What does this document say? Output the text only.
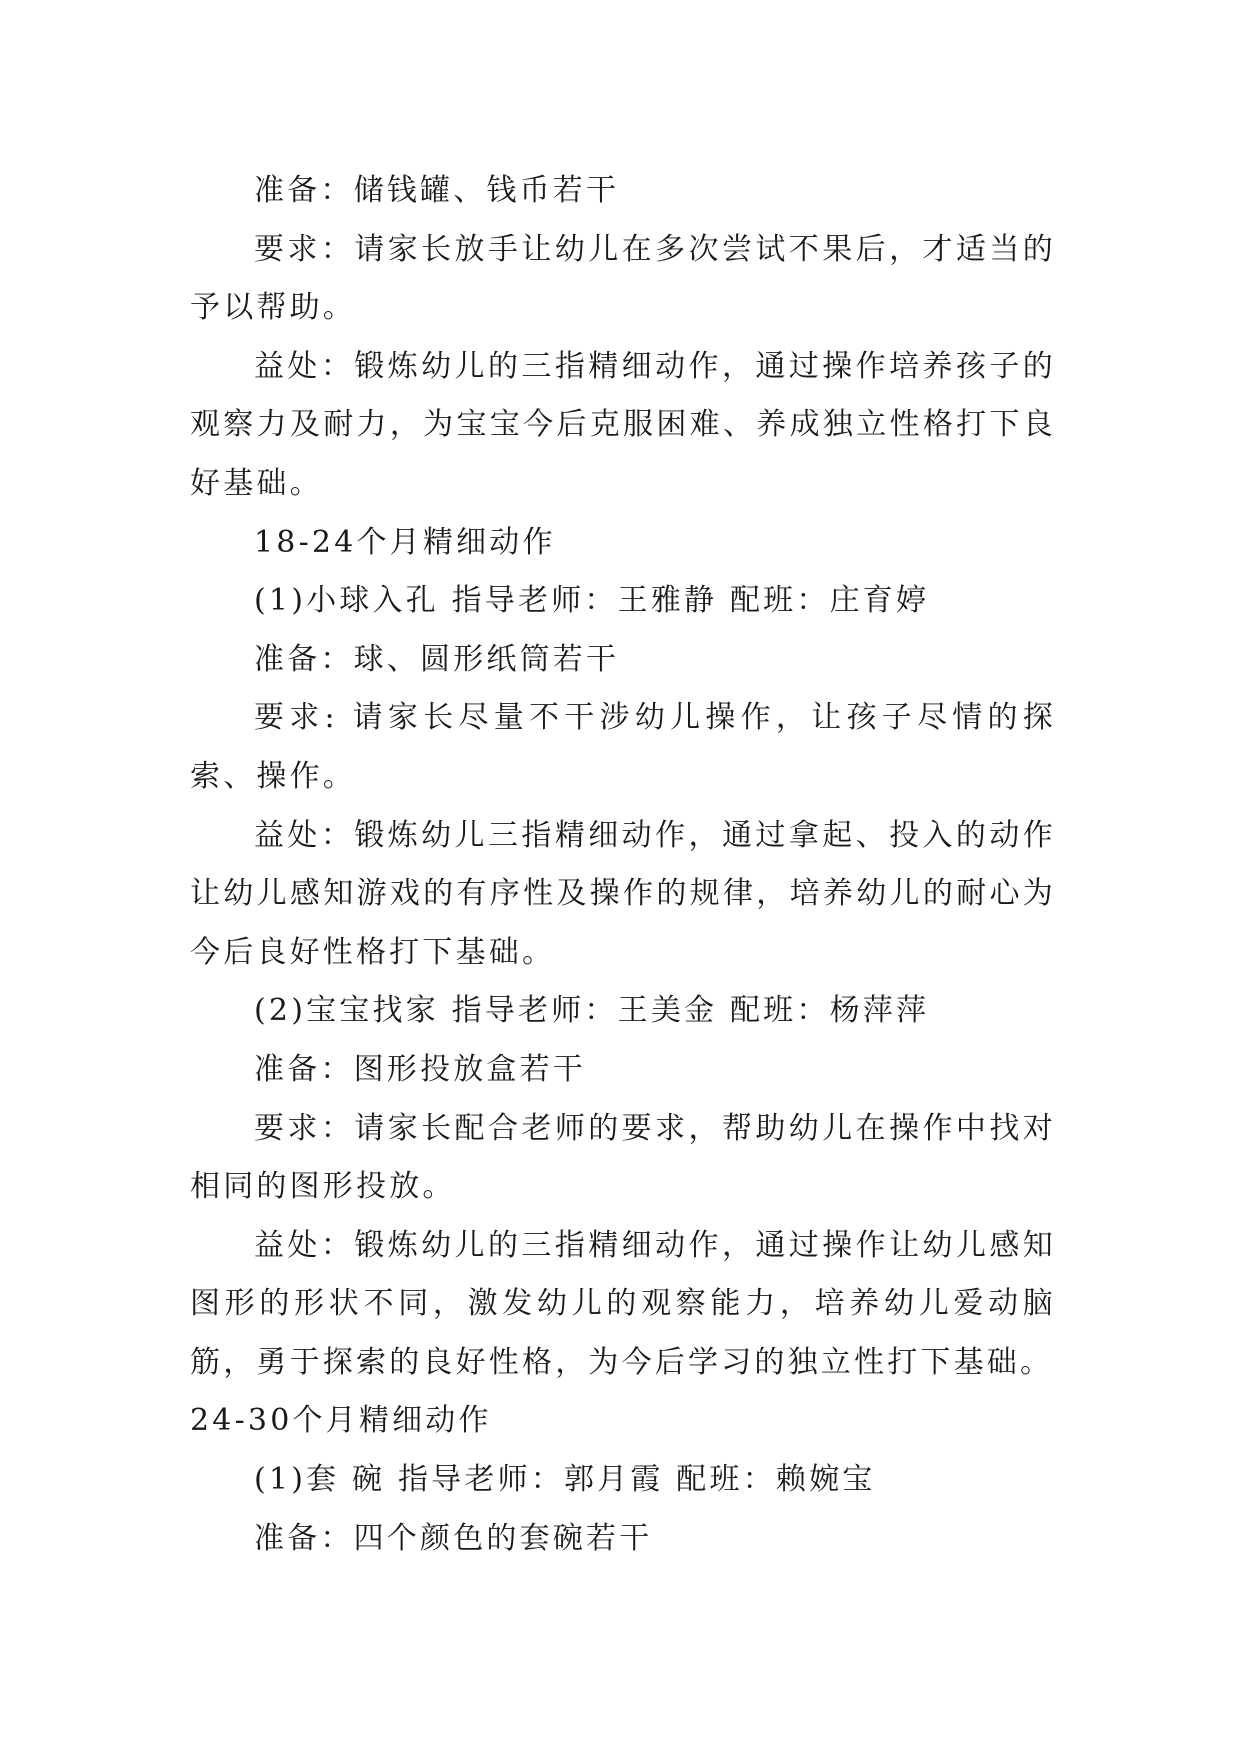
准备：储钱罐、钱币若干

要求：请家长放手让幼儿在多次尝试不果后，才适当的予以帮助。

益处：锻炼幼儿的三指精细动作，通过操作培养孩子的观察力及耐力，为宝宝今后克服困难、养成独立性格打下良好基础。

18-24个月精细动作

(1)小球入孔 指导老师：王雅静 配班：庄育婷

准备：球、圆形纸筒若干

要求: 请家长尽量不干涉幼儿操作，让孩子尽情的探索、操作。

益处：锻炼幼儿三指精细动作，通过拿起、投入的动作让幼儿感知游戏的有序性及操作的规律，培养幼儿的耐心为今后良好性格打下基础。

(2)宝宝找家 指导老师：王美金 配班：杨萍萍

准备：图形投放盒若干

要求：请家长配合老师的要求，帮助幼儿在操作中找对相同的图形投放。

益处：锻炼幼儿的三指精细动作，通过操作让幼儿感知图形的形状不同，激发幼儿的观察能力，培养幼儿爱动脑筋，勇于探索的良好性格，为今后学习的独立性打下基础。

24-30个月精细动作

(1)套 碗 指导老师：郭月霞 配班：赖婉宝

准备：四个颜色的套碗若干
